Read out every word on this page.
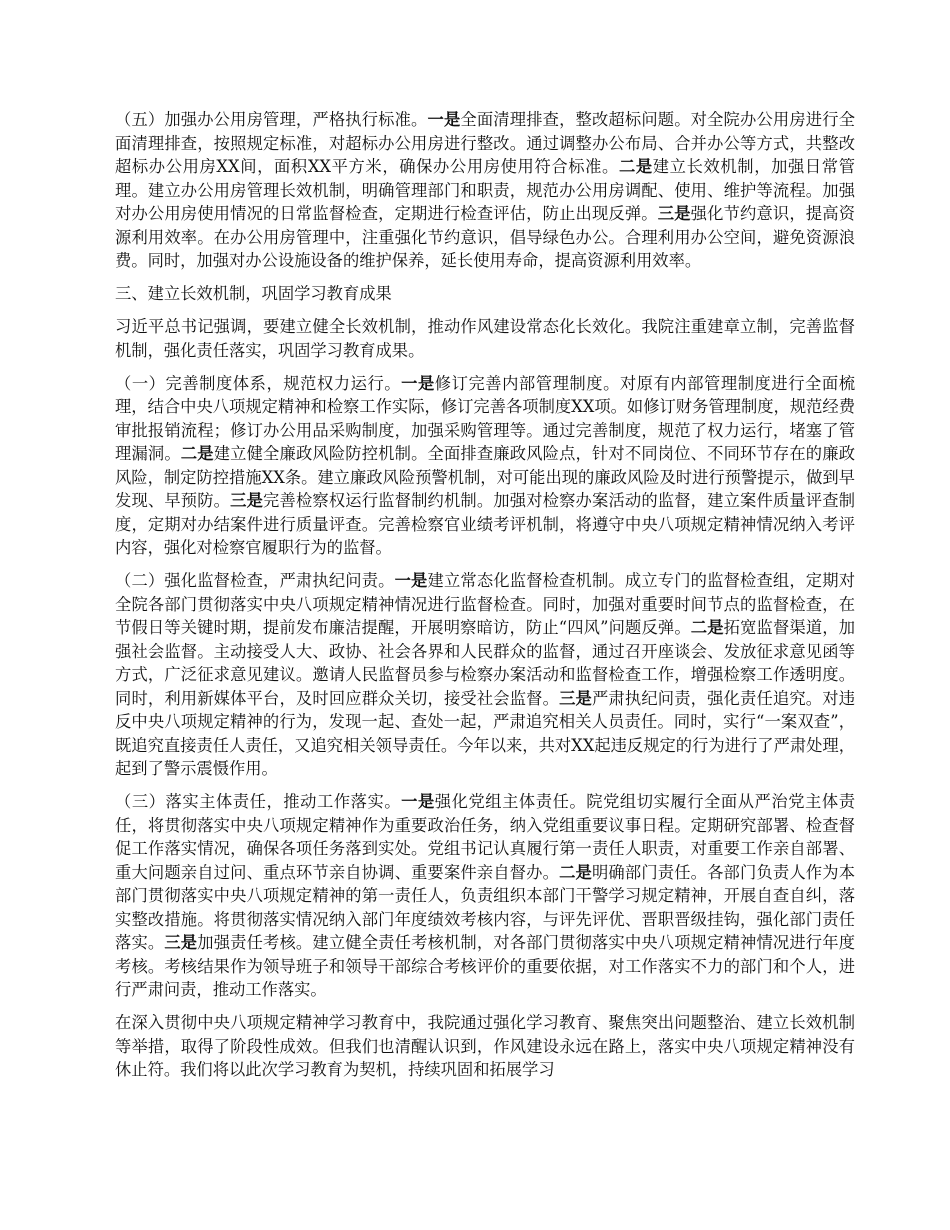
（五）加强办公用房管理，严格执行标准。一是全面清理排查，整改超标问题。对全院办公用房进行全面清理排查，按照规定标准，对超标办公用房进行整改。通过调整办公布局、合并办公等方式，共整改超标办公用房XX间，面积XX平方米，确保办公用房使用符合标准。二是建立长效机制，加强日常管理。建立办公用房管理长效机制，明确管理部门和职责，规范办公用房调配、使用、维护等流程。加强对办公用房使用情况的日常监督检查，定期进行检查评估，防止出现反弹。三是强化节约意识，提高资源利用效率。在办公用房管理中，注重强化节约意识，倡导绿色办公。合理利用办公空间，避免资源浪费。同时，加强对办公设施设备的维护保养，延长使用寿命，提高资源利用效率。

三、建立长效机制，巩固学习教育成果

习近平总书记强调，要建立健全长效机制，推动作风建设常态化长效化。我院注重建章立制，完善监督机制，强化责任落实，巩固学习教育成果。

（一）完善制度体系，规范权力运行。一是修订完善内部管理制度。对原有内部管理制度进行全面梳理，结合中央八项规定精神和检察工作实际，修订完善各项制度XX项。如修订财务管理制度，规范经费审批报销流程；修订办公用品采购制度，加强采购管理等。通过完善制度，规范了权力运行，堵塞了管理漏洞。二是建立健全廉政风险防控机制。全面排查廉政风险点，针对不同岗位、不同环节存在的廉政风险，制定防控措施XX条。建立廉政风险预警机制，对可能出现的廉政风险及时进行预警提示，做到早发现、早预防。三是完善检察权运行监督制约机制。加强对检察办案活动的监督，建立案件质量评查制度，定期对办结案件进行质量评查。完善检察官业绩考评机制，将遵守中央八项规定精神情况纳入考评内容，强化对检察官履职行为的监督。

（二）强化监督检查，严肃执纪问责。一是建立常态化监督检查机制。成立专门的监督检查组，定期对全院各部门贯彻落实中央八项规定精神情况进行监督检查。同时，加强对重要时间节点的监督检查，在节假日等关键时期，提前发布廉洁提醒，开展明察暗访，防止“四风”问题反弹。二是拓宽监督渠道，加强社会监督。主动接受人大、政协、社会各界和人民群众的监督，通过召开座谈会、发放征求意见函等方式，广泛征求意见建议。邀请人民监督员参与检察办案活动和监督检查工作，增强检察工作透明度。同时，利用新媒体平台，及时回应群众关切，接受社会监督。三是严肃执纪问责，强化责任追究。对违反中央八项规定精神的行为，发现一起、查处一起，严肃追究相关人员责任。同时，实行“一案双查”，既追究直接责任人责任，又追究相关领导责任。今年以来，共对XX起违反规定的行为进行了严肃处理，起到了警示震慑作用。

（三）落实主体责任，推动工作落实。一是强化党组主体责任。院党组切实履行全面从严治党主体责任，将贯彻落实中央八项规定精神作为重要政治任务，纳入党组重要议事日程。定期研究部署、检查督促工作落实情况，确保各项任务落到实处。党组书记认真履行第一责任人职责，对重要工作亲自部署、重大问题亲自过问、重点环节亲自协调、重要案件亲自督办。二是明确部门责任。各部门负责人作为本部门贯彻落实中央八项规定精神的第一责任人，负责组织本部门干警学习规定精神，开展自查自纠，落实整改措施。将贯彻落实情况纳入部门年度绩效考核内容，与评先评优、晋职晋级挂钩，强化部门责任落实。三是加强责任考核。建立健全责任考核机制，对各部门贯彻落实中央八项规定精神情况进行年度考核。考核结果作为领导班子和领导干部综合考核评价的重要依据，对工作落实不力的部门和个人，进行严肃问责，推动工作落实。

在深入贯彻中央八项规定精神学习教育中，我院通过强化学习教育、聚焦突出问题整治、建立长效机制等举措，取得了阶段性成效。但我们也清醒认识到，作风建设永远在路上，落实中央八项规定精神没有休止符。我们将以此次学习教育为契机，持续巩固和拓展学习
